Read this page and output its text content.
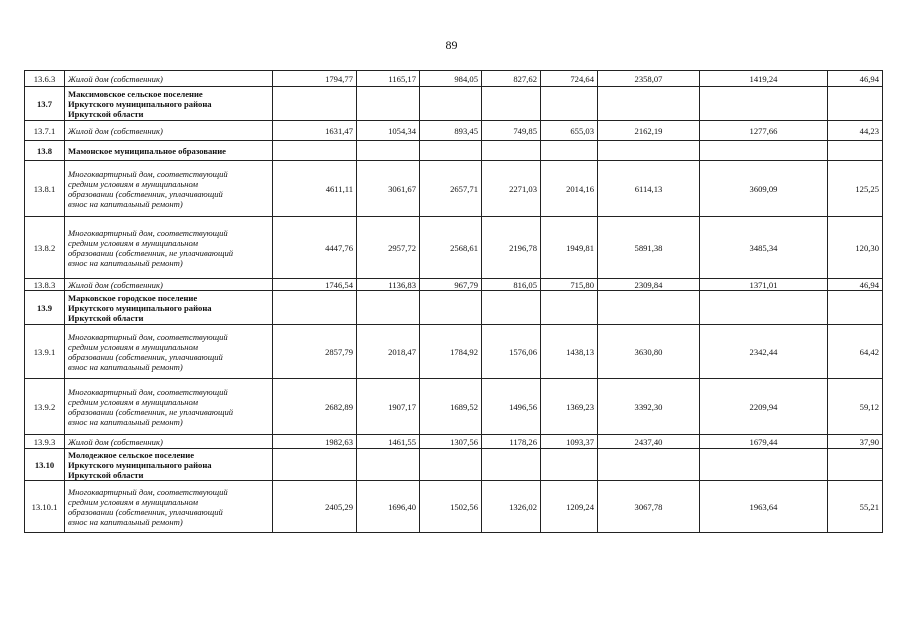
89
13.6.3	Жилой дом (собственник)	1794,77	1165,17	984,05	827,62	724,64	2358,07	1419,24	46,94
13.7	Максимовское сельское поселение
Иркутского муниципального района
Иркутской области								

13.7.1	Жилой дом (собственник)	1631,47	1054,34	893,45	749,85	655,03	2162,19	1277,66	44,23
13.8	Мамонское муниципальное образование								

13.8.1	Многоквартирный дом, соответствующий
средним условиям в муниципальном
образовании (собственник, уплачивающий
взнос на капитальный ремонт)	4611,11	3061,67	2657,71	2271,03	2014,16	6114,13	3609,09	125,25
13.8.2	Многоквартирный дом, соответствующий
средним условиям в муниципальном
образовании (собственник, не уплачивающий
взнос на капитальный ремонт)	4447,76	2957,72	2568,61	2196,78	1949,81	5891,38	3485,34	120,30
13.8.3	Жилой дом (собственник)	1746,54	1136,83	967,79	816,05	715,80	2309,84	1371,01	46,94
13.9	Марковское городское поселение
Иркутского муниципального района
Иркутской области								

13.9.1	Многоквартирный дом, соответствующий
средним условиям в муниципальном
образовании (собственник, уплачивающий
взнос на капитальный ремонт)	2857,79	2018,47	1784,92	1576,06	1438,13	3630,80	2342,44	64,42
13.9.2	Многоквартирный дом, соответствующий
средним условиям в муниципальном
образовании (собственник, не уплачивающий
взнос на капитальный ремонт)	2682,89	1907,17	1689,52	1496,56	1369,23	3392,30	2209,94	59,12
13.9.3	Жилой дом (собственник)	1982,63	1461,55	1307,56	1178,26	1093,37	2437,40	1679,44	37,90
13.10	Молодежное сельское поселение
Иркутского муниципального района
Иркутской области								

13.10.1	Многоквартирный дом, соответствующий
средним условиям в муниципальном
образовании (собственник, уплачивающий
взнос на капитальный ремонт)	2405,29	1696,40	1502,56	1326,02	1209,24	3067,78	1963,64	55,21
